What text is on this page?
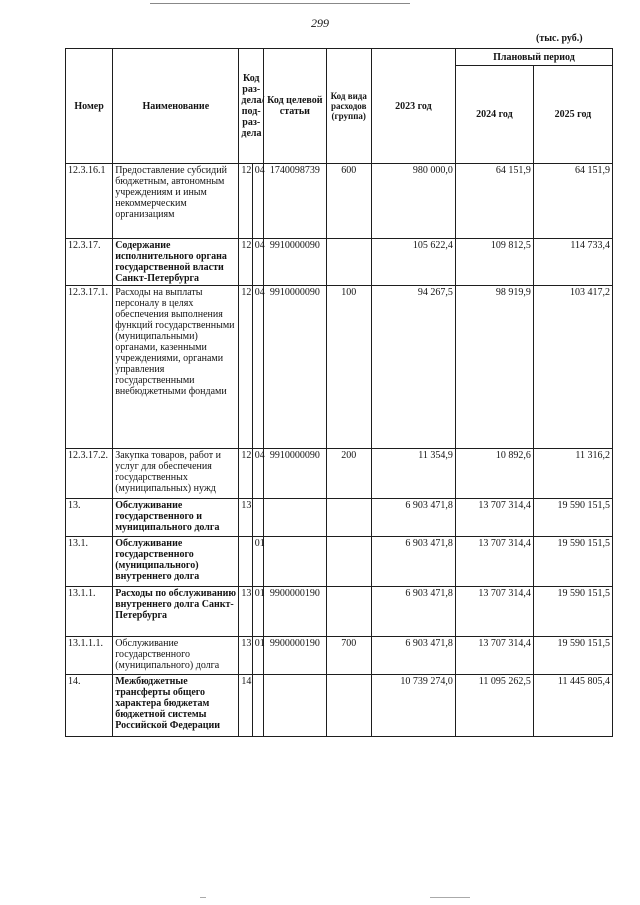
299
(тыс. руб.)
Номер	Наименование	Код раз-дела/ под-раз-дела		Код целевой статьи	Код вида расходов (группа)	2023 год	Плановый период	
							2024 год	2025 год
12.3.16.1	Предоставление субсидий бюджетным, автономным учреждениям и иным некоммерческим организациям	12	04	1740098739	600	980 000,0	64 151,9	64 151,9
12.3.17.	Содержание исполнительного органа государственной власти Санкт-Петербурга	12	04	9910000090		105 622,4	109 812,5	114 733,4
12.3.17.1.	Расходы на выплаты персоналу в целях обеспечения выполнения функций государственными (муниципальными) органами, казенными учреждениями, органами управления государственными внебюджетными фондами	12	04	9910000090	100	94 267,5	98 919,9	103 417,2
12.3.17.2.	Закупка товаров, работ и услуг для обеспечения государственных (муниципальных) нужд	12	04	9910000090	200	11 354,9	10 892,6	11 316,2
13.	Обслуживание государственного и муниципального долга	13				6 903 471,8	13 707 314,4	19 590 151,5
13.1.	Обслуживание государственного (муниципального) внутреннего долга		01			6 903 471,8	13 707 314,4	19 590 151,5
13.1.1.	Расходы по обслуживанию внутреннего долга Санкт-Петербурга	13	01	9900000190		6 903 471,8	13 707 314,4	19 590 151,5
13.1.1.1.	Обслуживание государственного (муниципального) долга	13	01	9900000190	700	6 903 471,8	13 707 314,4	19 590 151,5
14.	Межбюджетные трансферты общего характера бюджетам бюджетной системы Российской Федерации	14				10 739 274,0	11 095 262,5	11 445 805,4
